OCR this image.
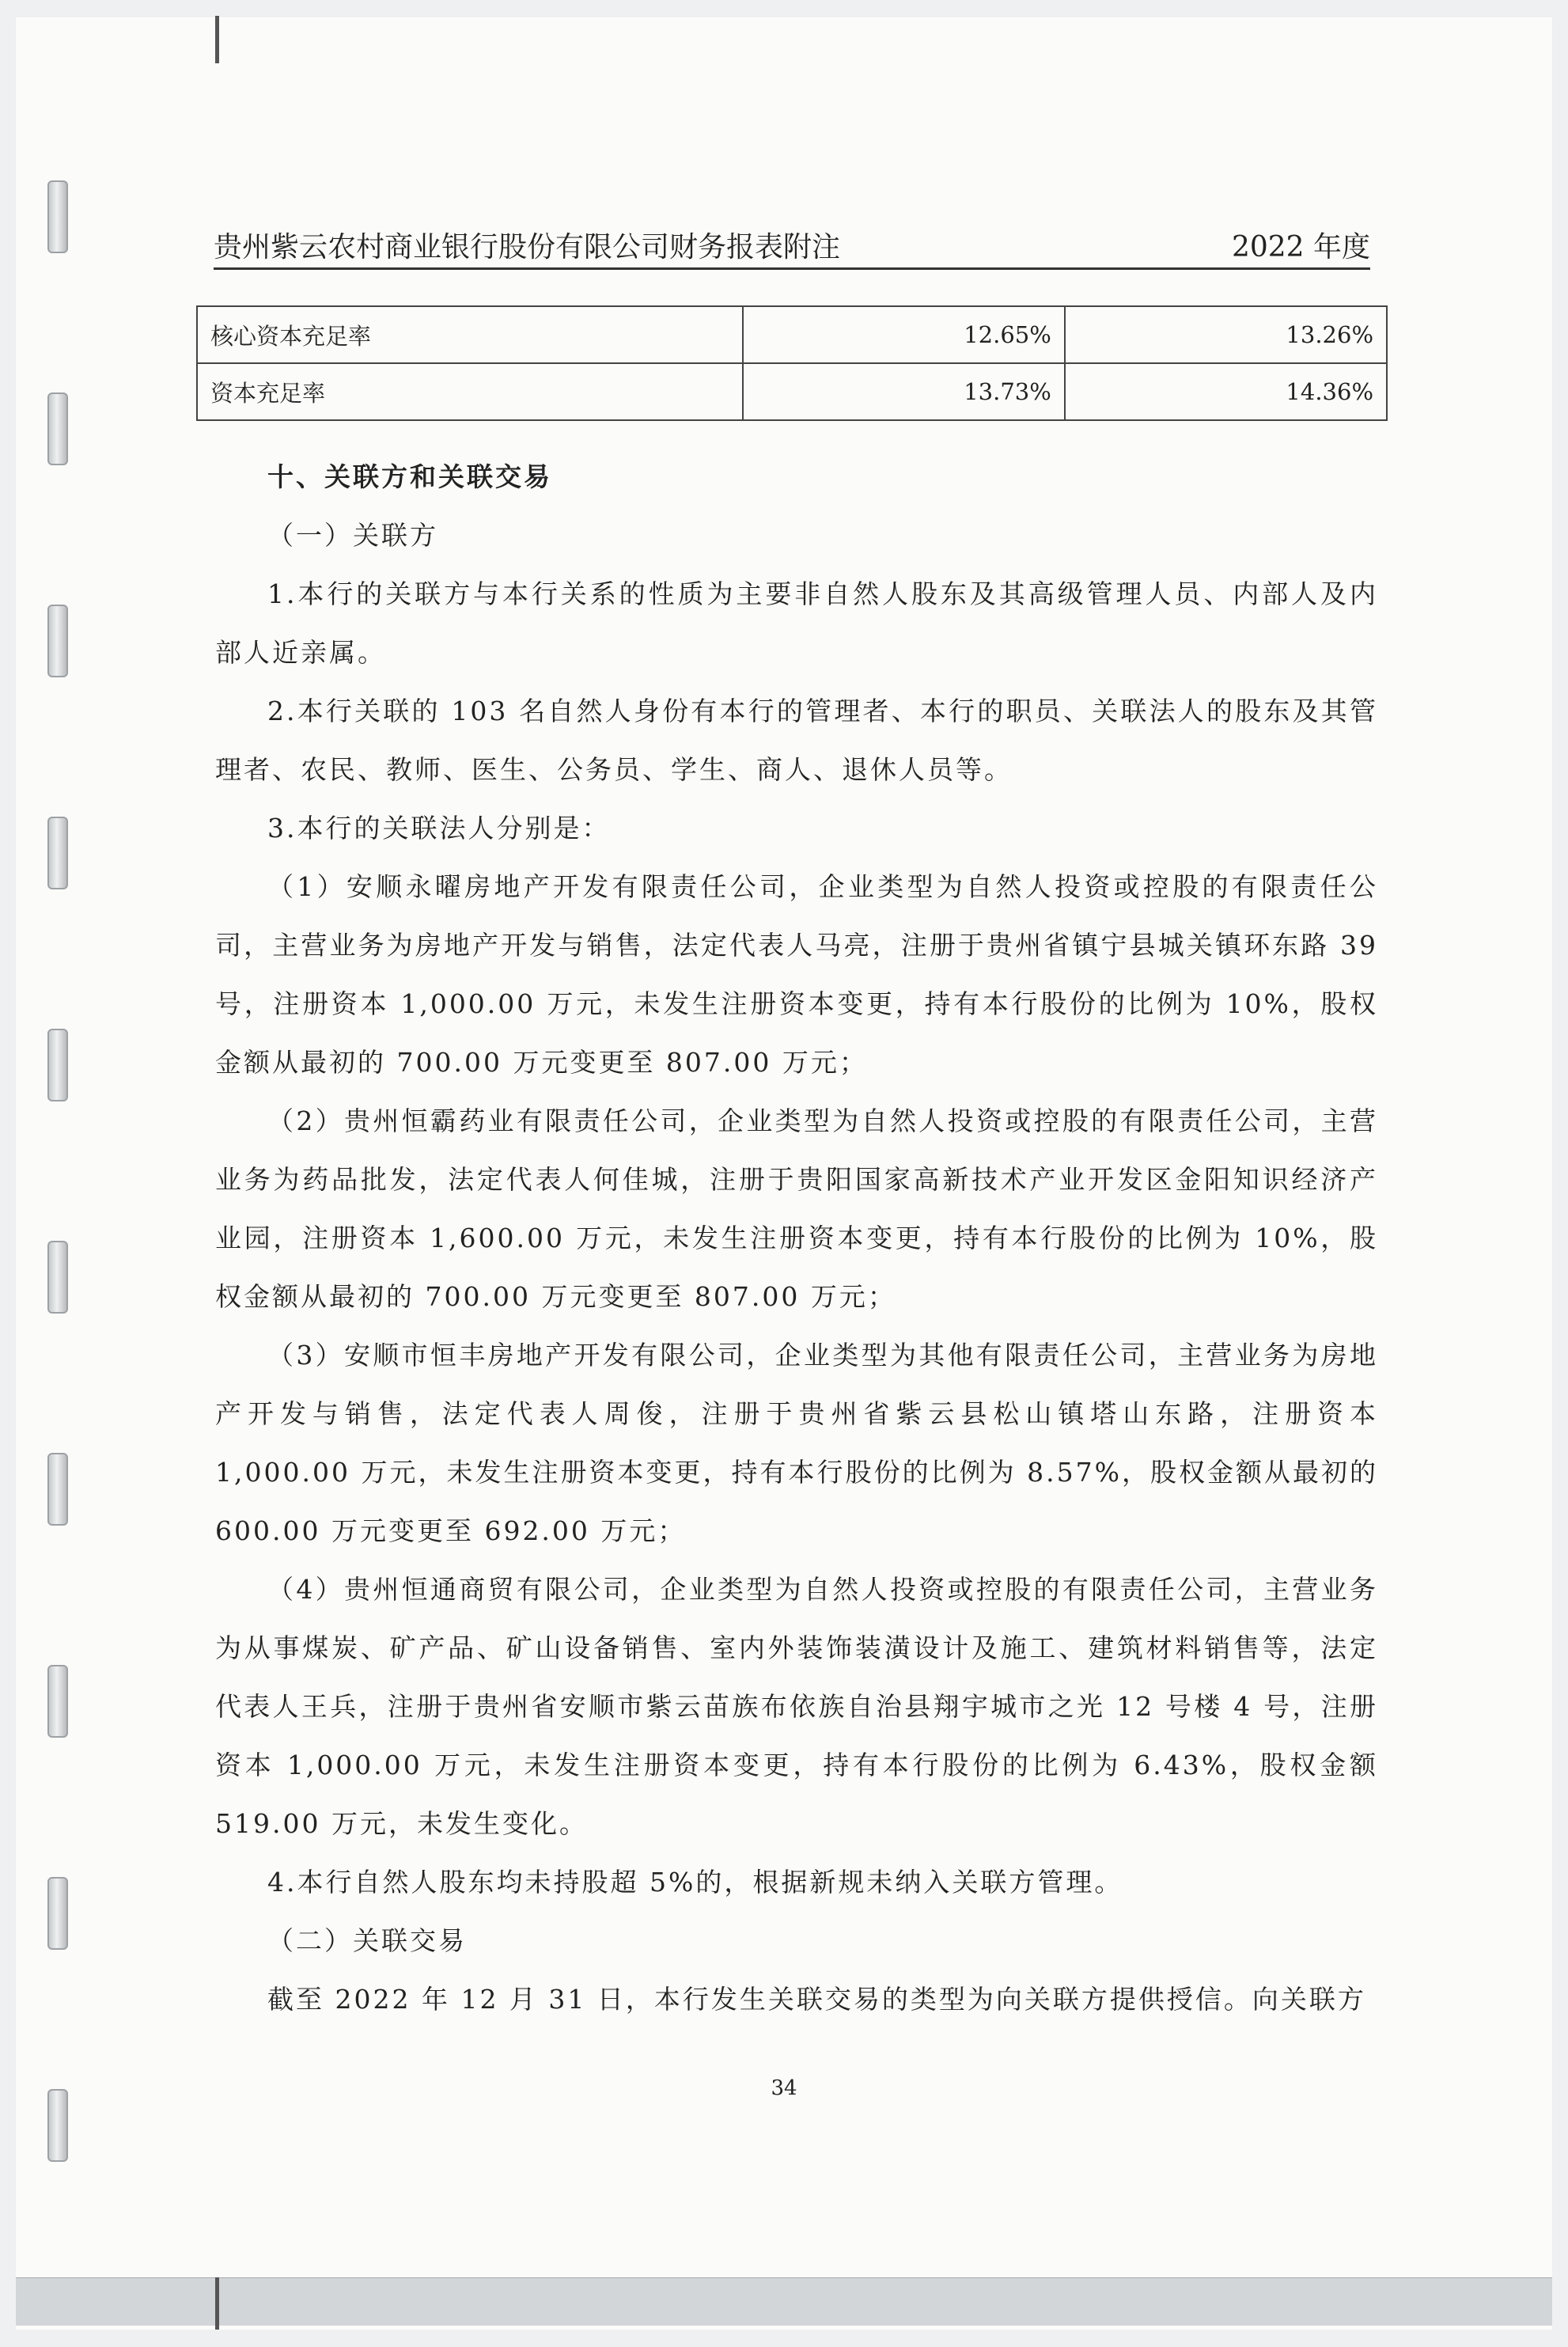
贵州紫云农村商业银行股份有限公司财务报表附注	2022 年度
核心资本充足率	12.65%	13.26%
资本充足率	13.73%	14.36%

十、关联方和关联交易

（一）关联方

1.本行的关联方与本行关系的性质为主要非自然人股东及其高级管理人员、内部人及内部人近亲属。

2.本行关联的 103 名自然人身份有本行的管理者、本行的职员、关联法人的股东及其管理者、农民、教师、医生、公务员、学生、商人、退休人员等。

3.本行的关联法人分别是：

（1）安顺永曜房地产开发有限责任公司，企业类型为自然人投资或控股的有限责任公司，主营业务为房地产开发与销售，法定代表人马亮，注册于贵州省镇宁县城关镇环东路 39 号，注册资本 1,000.00 万元，未发生注册资本变更，持有本行股份的比例为 10%，股权金额从最初的 700.00 万元变更至 807.00 万元；

（2）贵州恒霸药业有限责任公司，企业类型为自然人投资或控股的有限责任公司，主营业务为药品批发，法定代表人何佳城，注册于贵阳国家高新技术产业开发区金阳知识经济产业园，注册资本 1,600.00 万元，未发生注册资本变更，持有本行股份的比例为 10%，股权金额从最初的 700.00 万元变更至 807.00 万元；

（3）安顺市恒丰房地产开发有限公司，企业类型为其他有限责任公司，主营业务为房地产开发与销售，法定代表人周俊，注册于贵州省紫云县松山镇塔山东路，注册资本 1,000.00 万元，未发生注册资本变更，持有本行股份的比例为 8.57%，股权金额从最初的 600.00 万元变更至 692.00 万元；

（4）贵州恒通商贸有限公司，企业类型为自然人投资或控股的有限责任公司，主营业务为从事煤炭、矿产品、矿山设备销售、室内外装饰装潢设计及施工、建筑材料销售等，法定代表人王兵，注册于贵州省安顺市紫云苗族布依族自治县翔宇城市之光 12 号楼 4 号，注册资本 1,000.00 万元，未发生注册资本变更，持有本行股份的比例为 6.43%，股权金额 519.00 万元，未发生变化。

4.本行自然人股东均未持股超 5%的，根据新规未纳入关联方管理。

（二）关联交易

截至 2022 年 12 月 31 日，本行发生关联交易的类型为向关联方提供授信。向关联方

34
